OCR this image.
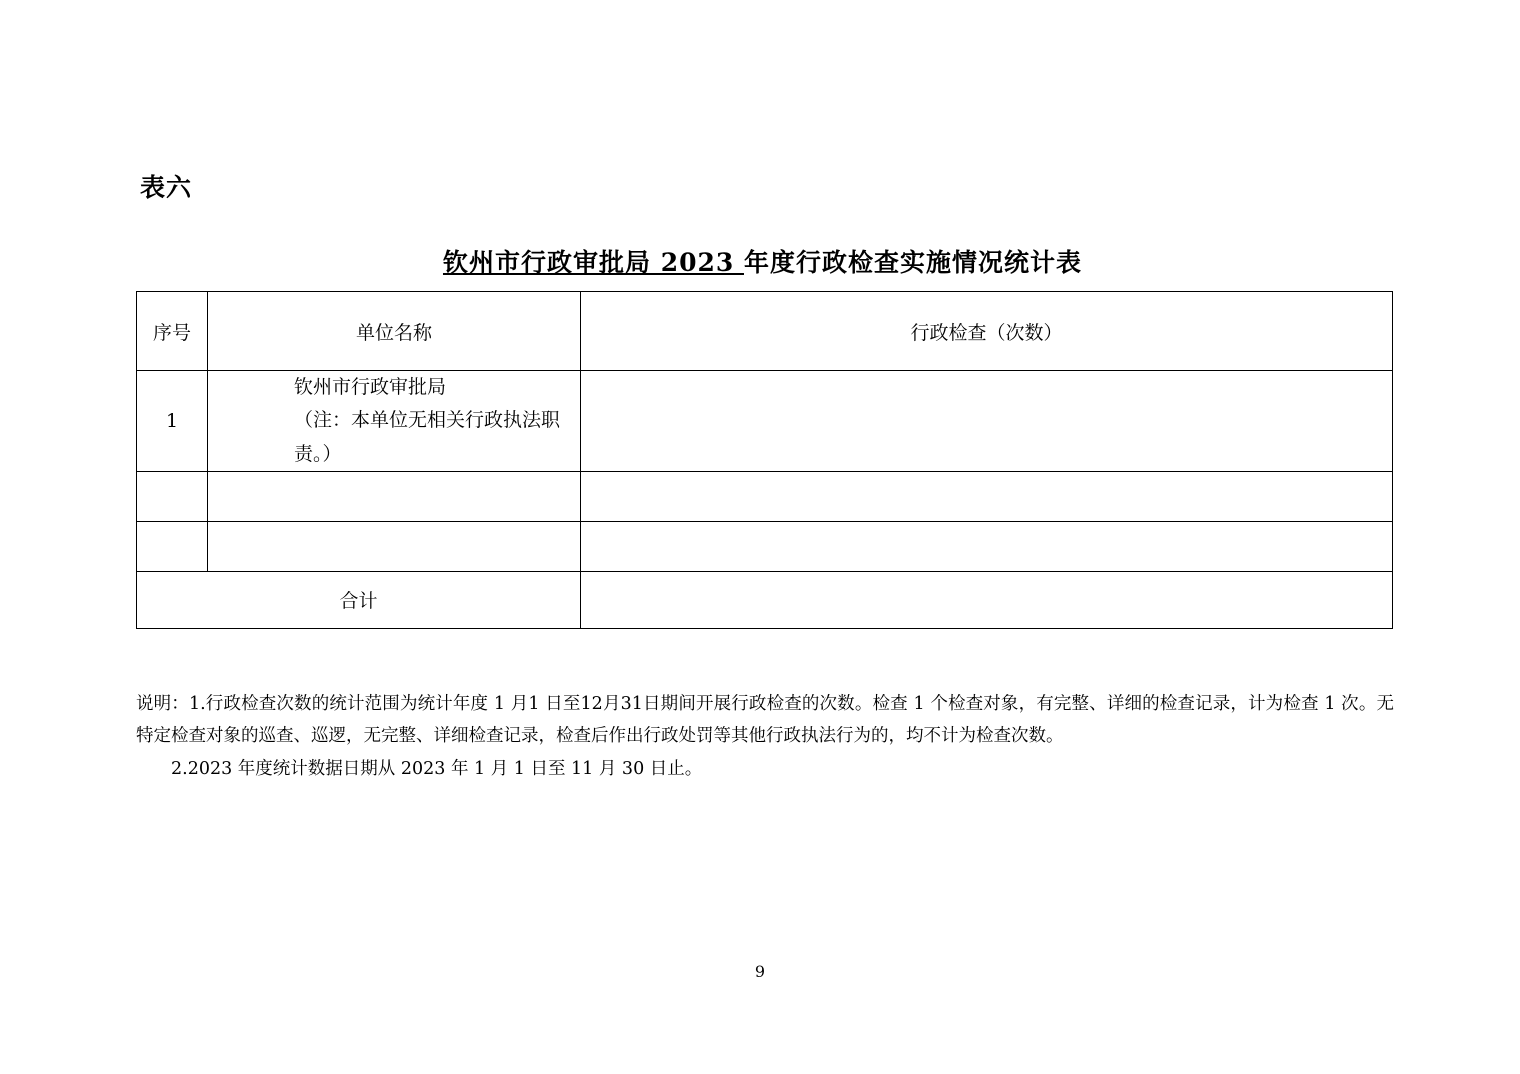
表六
钦州市行政审批局 2023 年度行政检查实施情况统计表
序号	单位名称	行政检查（次数）
1	钦州市行政审批局
（注：本单位无相关行政执法职责。）	

合计		

说明：1.行政检查次数的统计范围为统计年度 1 月1 日至12月31日期间开展行政检查的次数。检查 1 个检查对象，有完整、详细的检查记录，计为检查 1 次。无特定检查对象的巡查、巡逻，无完整、详细检查记录，检查后作出行政处罚等其他行政执法行为的，均不计为检查次数。

2.2023 年度统计数据日期从 2023 年 1 月 1 日至 11 月 30 日止。

9
